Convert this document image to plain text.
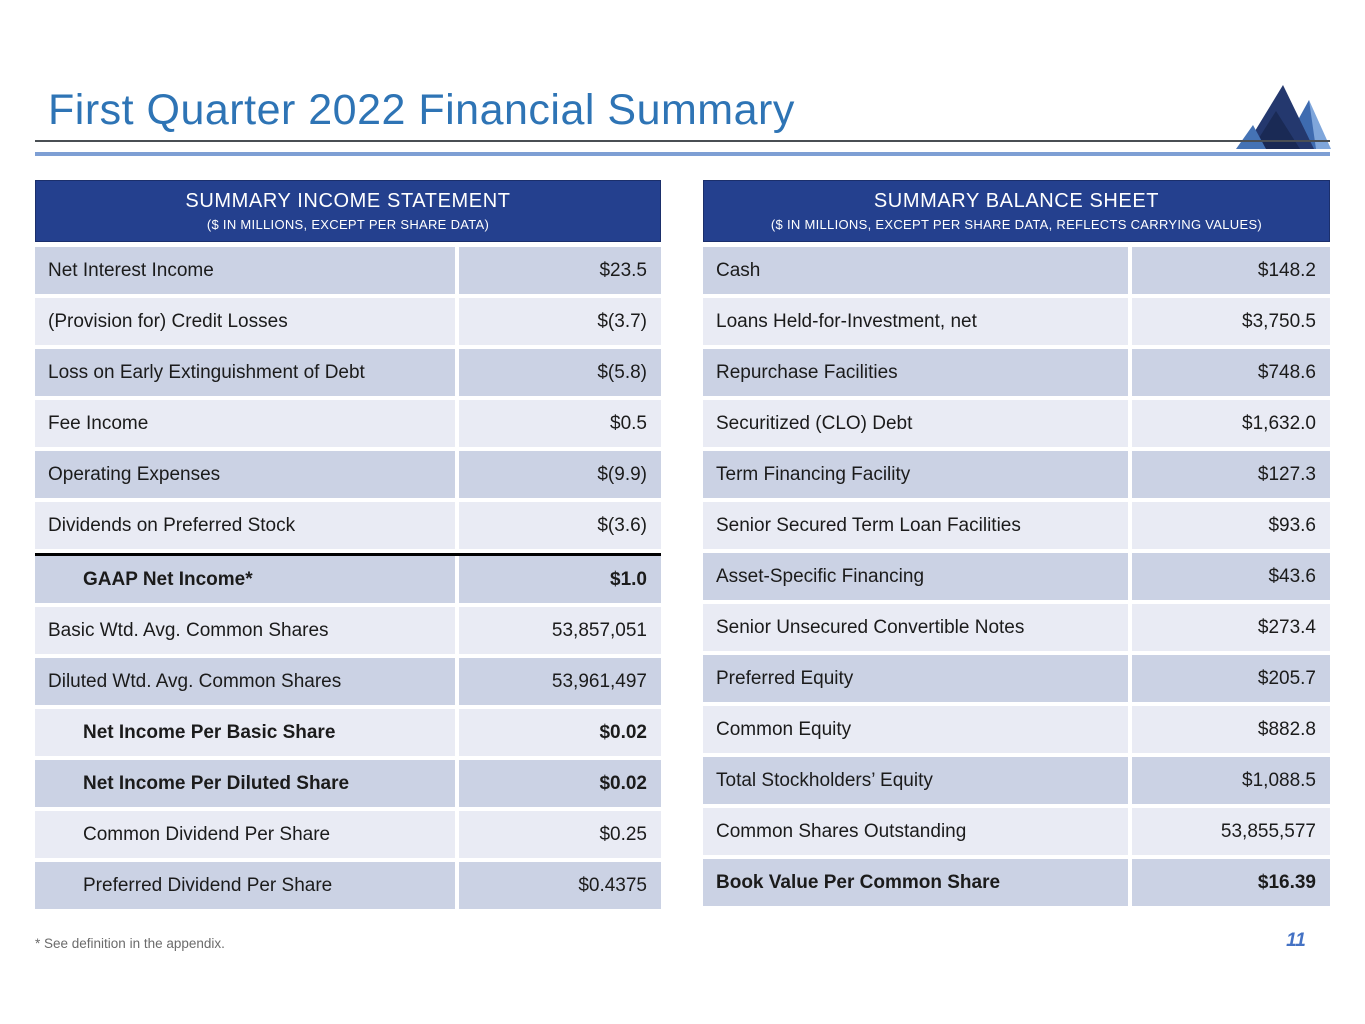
First Quarter 2022 Financial Summary
SUMMARY INCOME STATEMENT
($ IN MILLIONS, EXCEPT PER SHARE DATA)
Net Interest Income	$23.5
(Provision for) Credit Losses	$(3.7)
Loss on Early Extinguishment of Debt	$(5.8)
Fee Income	$0.5
Operating Expenses	$(9.9)
Dividends on Preferred Stock	$(3.6)
GAAP Net Income*	$1.0
Basic Wtd. Avg. Common Shares	53,857,051
Diluted Wtd. Avg. Common Shares	53,961,497
Net Income Per Basic Share	$0.02
Net Income Per Diluted Share	$0.02
Common Dividend Per Share	$0.25
Preferred Dividend Per Share	$0.4375
SUMMARY BALANCE SHEET
($ IN MILLIONS, EXCEPT PER SHARE DATA, REFLECTS CARRYING VALUES)
Cash	$148.2
Loans Held-for-Investment, net	$3,750.5
Repurchase Facilities	$748.6
Securitized (CLO) Debt	$1,632.0
Term Financing Facility	$127.3
Senior Secured Term Loan Facilities	$93.6
Asset-Specific Financing	$43.6
Senior Unsecured Convertible Notes	$273.4
Preferred Equity	$205.7
Common Equity	$882.8
Total Stockholders’ Equity	$1,088.5
Common Shares Outstanding	53,855,577
Book Value Per Common Share	$16.39
* See definition in the appendix.	11
